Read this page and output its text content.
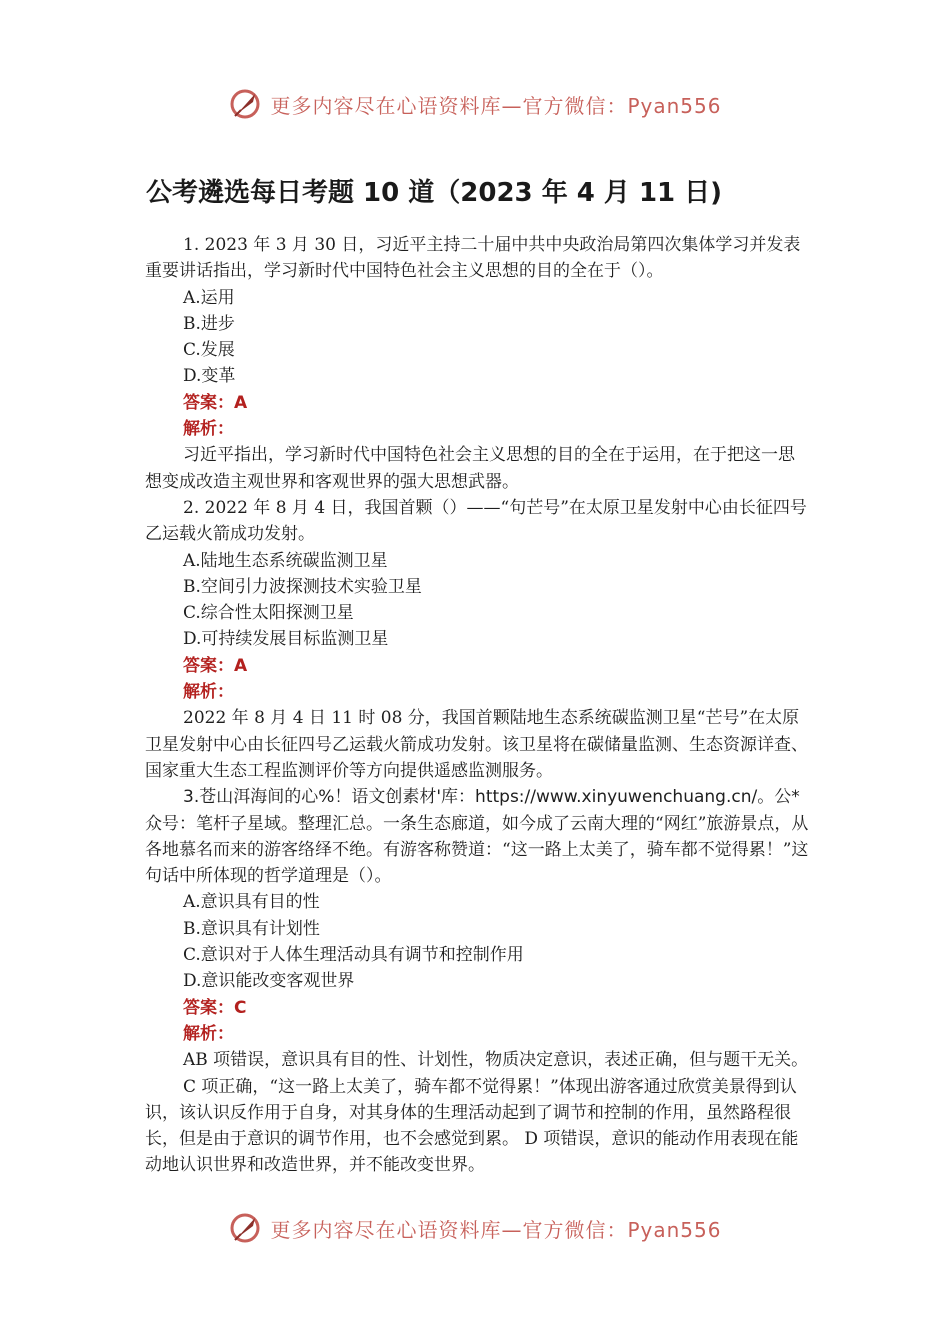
更多内容尽在心语资料库—官方微信：Pyan556
公考遴选每日考题 10 道（2023 年 4 月 11 日)

1. 2023 年 3 月 30 日，习近平主持二十届中共中央政治局第四次集体学习并发表重要讲话指出，学习新时代中国特色社会主义思想的目的全在于（）。

A.运用

B.进步

C.发展

D.变革

答案：A

解析：

习近平指出，学习新时代中国特色社会主义思想的目的全在于运用，在于把这一思想变成改造主观世界和客观世界的强大思想武器。

2. 2022 年 8 月 4 日，我国首颗（）——“句芒号”在太原卫星发射中心由长征四号乙运载火箭成功发射。

A.陆地生态系统碳监测卫星

B.空间引力波探测技术实验卫星

C.综合性太阳探测卫星

D.可持续发展目标监测卫星

答案：A

解析：

2022 年 8 月 4 日 11 时 08 分，我国首颗陆地生态系统碳监测卫星“芒号”在太原卫星发射中心由长征四号乙运载火箭成功发射。该卫星将在碳储量监测、生态资源详查、国家重大生态工程监测评价等方向提供遥感监测服务。

3.苍山洱海间的心%！语文创素材'库：https://www.xinyuwenchuang.cn/。公*众号：笔杆子星域。整理汇总。一条生态廊道，如今成了云南大理的“网红”旅游景点，从各地慕名而来的游客络绎不绝。有游客称赞道：“这一路上太美了，骑车都不觉得累！”这句话中所体现的哲学道理是（）。

A.意识具有目的性

B.意识具有计划性

C.意识对于人体生理活动具有调节和控制作用

D.意识能改变客观世界

答案：C

解析：

AB 项错误，意识具有目的性、计划性，物质决定意识，表述正确，但与题干无关。

C 项正确，“这一路上太美了，骑车都不觉得累！”体现出游客通过欣赏美景得到认识，该认识反作用于自身，对其身体的生理活动起到了调节和控制的作用，虽然路程很长，但是由于意识的调节作用，也不会感觉到累。 D 项错误，意识的能动作用表现在能动地认识世界和改造世界，并不能改变世界。

更多内容尽在心语资料库—官方微信：Pyan556
